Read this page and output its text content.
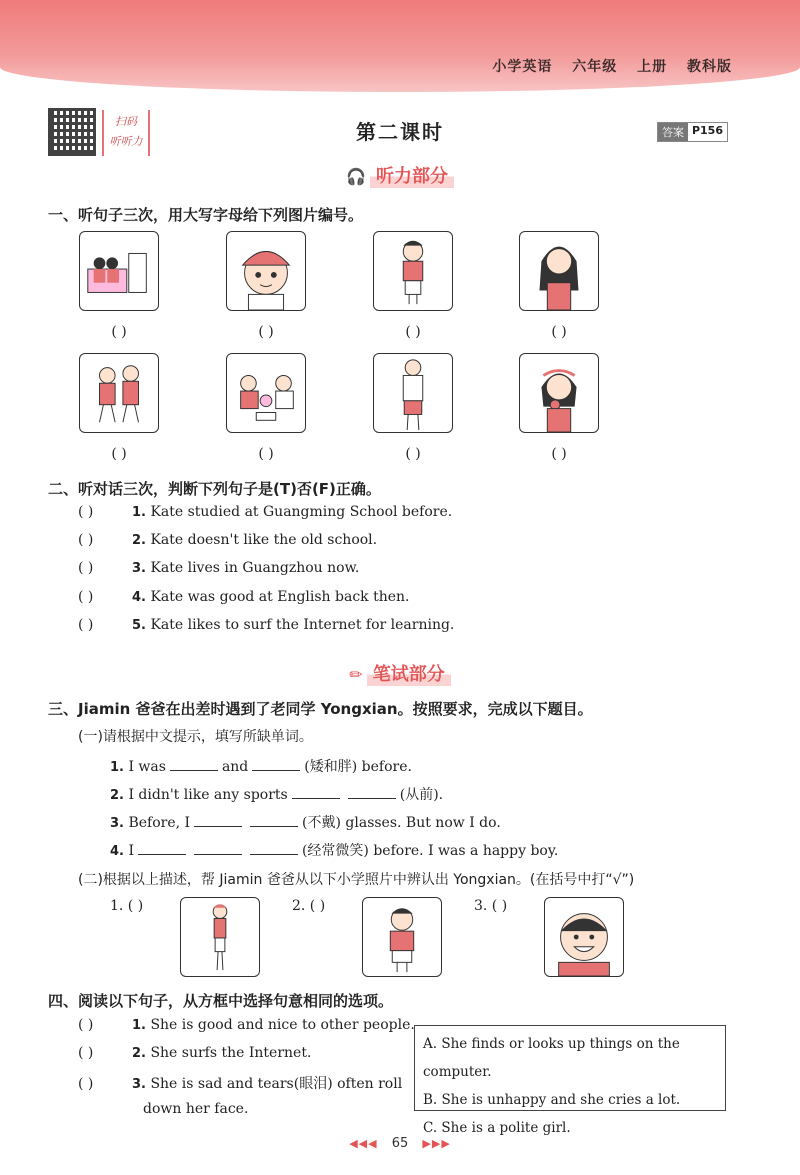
小学英语 六年级 上册 教科版
扫码
听听力	第二课时	答案 P156
🎧 听力部分
一、听句子三次，用大写字母给下列图片编号。
( )	( )	( )	( )
( )	( )	( )	( )
二、听对话三次，判断下列句子是(T)否(F)正确。
( )	1. Kate studied at Guangming School before.
( )	2. Kate doesn't like the old school.
( )	3. Kate lives in Guangzhou now.
( )	4. Kate was good at English back then.
( )	5. Kate likes to surf the Internet for learning.
✏ 笔试部分
三、Jiamin 爸爸在出差时遇到了老同学 Yongxian。按照要求，完成以下题目。
(一)请根据中文提示，填写所缺单词。
1. I was	and	(矮和胖) before.
2. I didn't like any sports	(从前).
3. Before, I	(不戴) glasses. But now I do.
4. I	(经常微笑) before. I was a happy boy.
(二)根据以上描述，帮 Jiamin 爸爸从以下小学照片中辨认出 Yongxian。(在括号中打“√”)
1. ( )	2. ( )	3. ( )
四、阅读以下句子，从方框中选择句意相同的选项。
( )	1. She is good and nice to other people.
( )	2. She surfs the Internet.
( )	3. She is sad and tears(眼泪) often roll
down her face.
A. She finds or looks up things on the computer.
B. She is unhappy and she cries a lot.
C. She is a polite girl.
◀◀◀ 65 ▶▶▶
